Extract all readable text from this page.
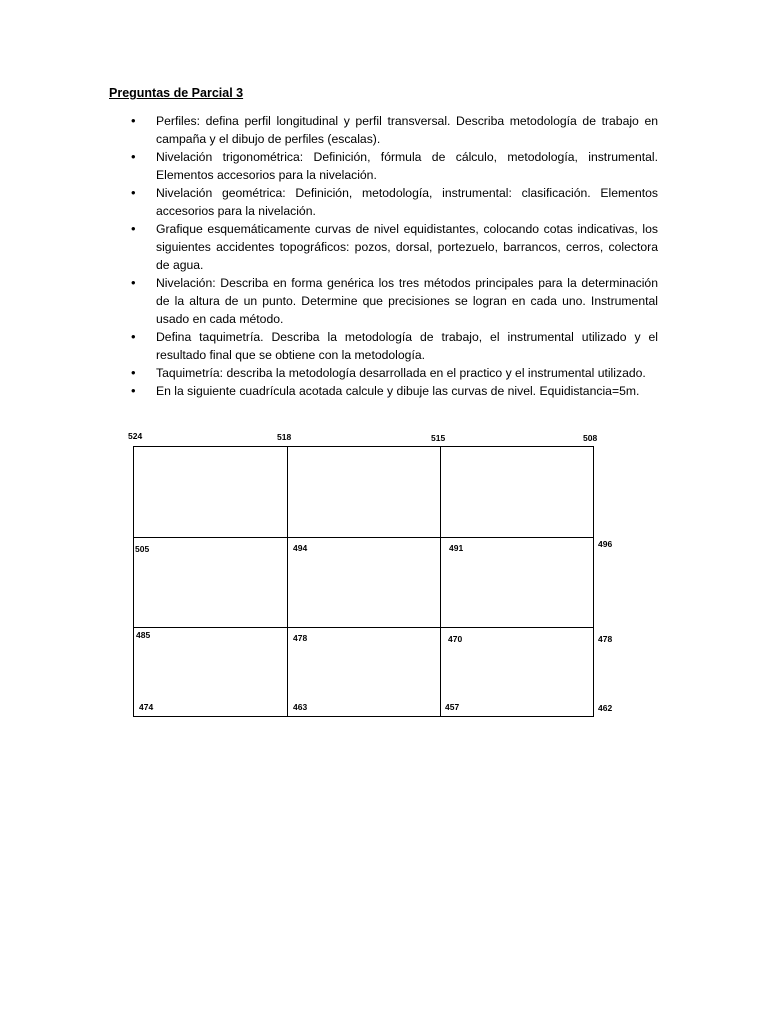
Preguntas de Parcial 3
• Perfiles: defina perfil longitudinal y perfil transversal. Describa metodología de trabajo en campaña y el dibujo de perfiles (escalas).
• Nivelación trigonométrica: Definición, fórmula de cálculo, metodología, instrumental. Elementos accesorios para la nivelación.
• Nivelación geométrica: Definición, metodología, instrumental: clasificación. Elementos accesorios para la nivelación.
• Grafique esquemáticamente curvas de nivel equidistantes, colocando cotas indicativas, los siguientes accidentes topográficos: pozos, dorsal, portezuelo, barrancos, cerros, colectora de agua.
• Nivelación: Describa en forma genérica los tres métodos principales para la determinación de la altura de un punto. Determine que precisiones se logran en cada uno. Instrumental usado en cada método.
• Defina taquimetría. Describa la metodología de trabajo, el instrumental utilizado y el resultado final que se obtiene con la metodología.
• Taquimetría: describa la metodología desarrollada en el practico y el instrumental utilizado.
• En la siguiente cuadrícula acotada calcule y dibuje las curvas de nivel. Equidistancia=5m.
524	518	515	508
505	494	491	496
485	478	470	478
474	463	457	462
